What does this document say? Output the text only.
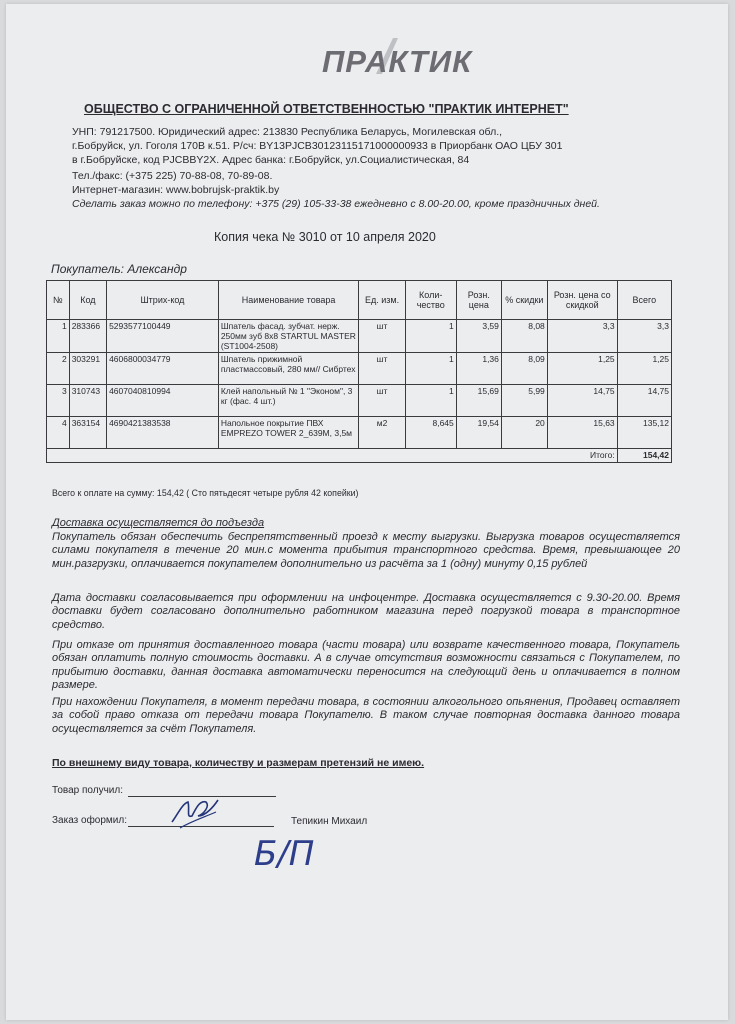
ПРАКТИК
ОБЩЕСТВО С ОГРАНИЧЕННОЙ ОТВЕТСТВЕННОСТЬЮ "ПРАКТИК ИНТЕРНЕТ"
УНП: 791217500. Юридический адрес: 213830 Республика Беларусь, Могилевская обл.,
г.Бобруйск, ул. Гоголя 170В к.51. Р/сч: BY13PJCB30123115171000000933 в Приорбанк ОАО ЦБУ 301
в г.Бобруйске, код PJCBBY2X. Адрес банка: г.Бобруйск, ул.Социалистическая, 84
Тел./факс: (+375 225) 70-88-08, 70-89-08.
Интернет-магазин: www.bobrujsk-praktik.by
Сделать заказ можно по телефону: +375 (29) 105-33-38 ежедневно с 8.00-20.00, кроме праздничных дней.
Копия чека № 3010 от 10 апреля 2020
Покупатель: Александр
№	Код	Штрих-код	Наименование товара	Ед. изм.	Коли-чество	Розн. цена	% скидки	Розн. цена со скидкой	Всего
1	283366	5293577100449	Шпатель фасад. зубчат. нерж. 250мм зуб 8х8 STARTUL MASTER (ST1004-2508)	шт	1	3,59	8,08	3,3	3,3
2	303291	4606800034779	Шпатель прижимной пластмассовый, 280 мм// Сибртех	шт	1	1,36	8,09	1,25	1,25
3	310743	4607040810994	Клей напольный № 1 "Эконом", 3 кг (фас. 4 шт.)	шт	1	15,69	5,99	14,75	14,75
4	363154	4690421383538	Напольное покрытие ПВХ EMPREZO TOWER 2_639M, 3,5м	м2	8,645	19,54	20	15,63	135,12
Итого:									154,42
Всего к оплате на сумму: 154,42 ( Сто пятьдесят четыре рубля 42 копейки)
Доставка осуществляется до подъезда
Покупатель обязан обеспечить беспрепятственный проезд к месту выгрузки. Выгрузка товаров осуществляется силами покупателя в течение 20 мин.с момента прибытия транспортного средства. Время, превышающее 20 мин.разгрузки, оплачивается покупателем дополнительно из расчёта за 1 (одну) минуту 0,15 рублей
Дата доставки согласовывается при оформлении на инфоцентре. Доставка осуществляется с 9.30-20.00. Время доставки будет согласовано дополнительно работником магазина перед погрузкой товара в транспортное средство.
При отказе от принятия доставленного товара (части товара) или возврате качественного товара, Покупатель обязан оплатить полную стоимость доставки. А в случае отсутствия возможности связаться с Покупателем, по прибытию доставки, данная доставка автоматически переносится на следующий день и оплачивается в полном размере.
При нахождении Покупателя, в момент передачи товара, в состоянии алкогольного опьянения, Продавец оставляет за собой право отказа от передачи товара Покупателю. В таком случае повторная доставка данного товара осуществляется за счёт Покупателя.
По внешнему виду товара, количеству и размерам претензий не имею.
Товар получил:
Заказ оформил:	Тепикин Михаил
Б/П
